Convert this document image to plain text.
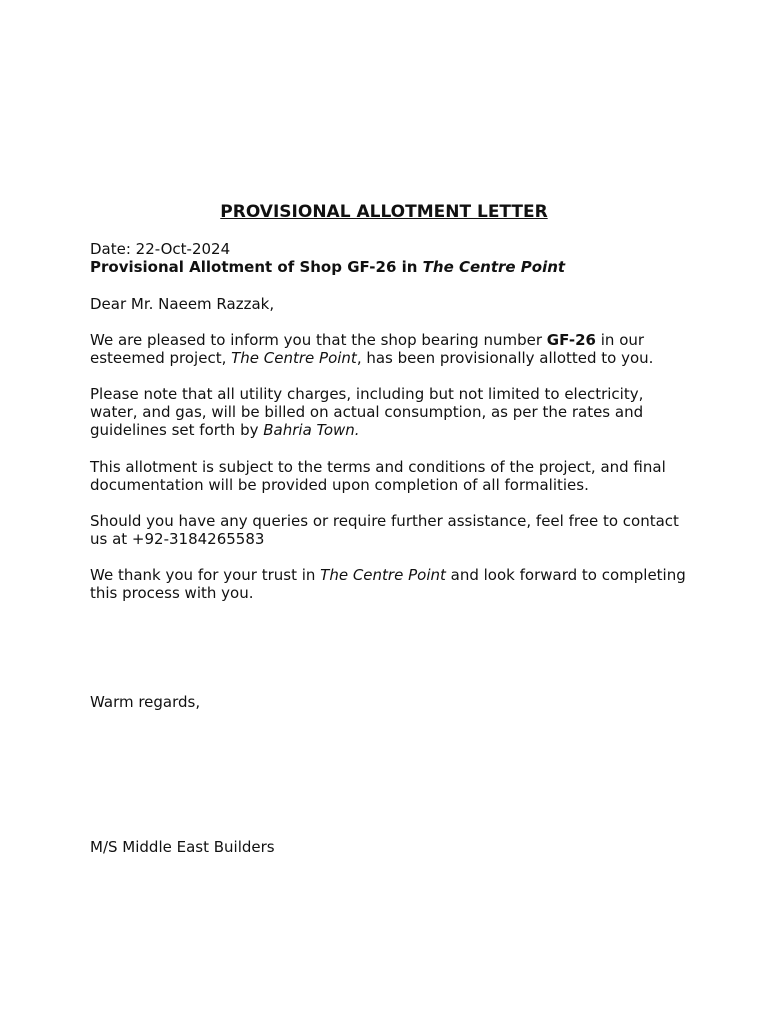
PROVISIONAL ALLOTMENT LETTER

Date: 22-Oct-2024

Provisional Allotment of Shop GF-26 in The Centre Point

Dear Mr. Naeem Razzak,

We are pleased to inform you that the shop bearing number GF-26 in our esteemed project, The Centre Point, has been provisionally allotted to you.

Please note that all utility charges, including but not limited to electricity, water, and gas, will be billed on actual consumption, as per the rates and guidelines set forth by Bahria Town.

This allotment is subject to the terms and conditions of the project, and final documentation will be provided upon completion of all formalities.

Should you have any queries or require further assistance, feel free to contact us at +92-3184265583

We thank you for your trust in The Centre Point and look forward to completing this process with you.

Warm regards,

M/S Middle East Builders
